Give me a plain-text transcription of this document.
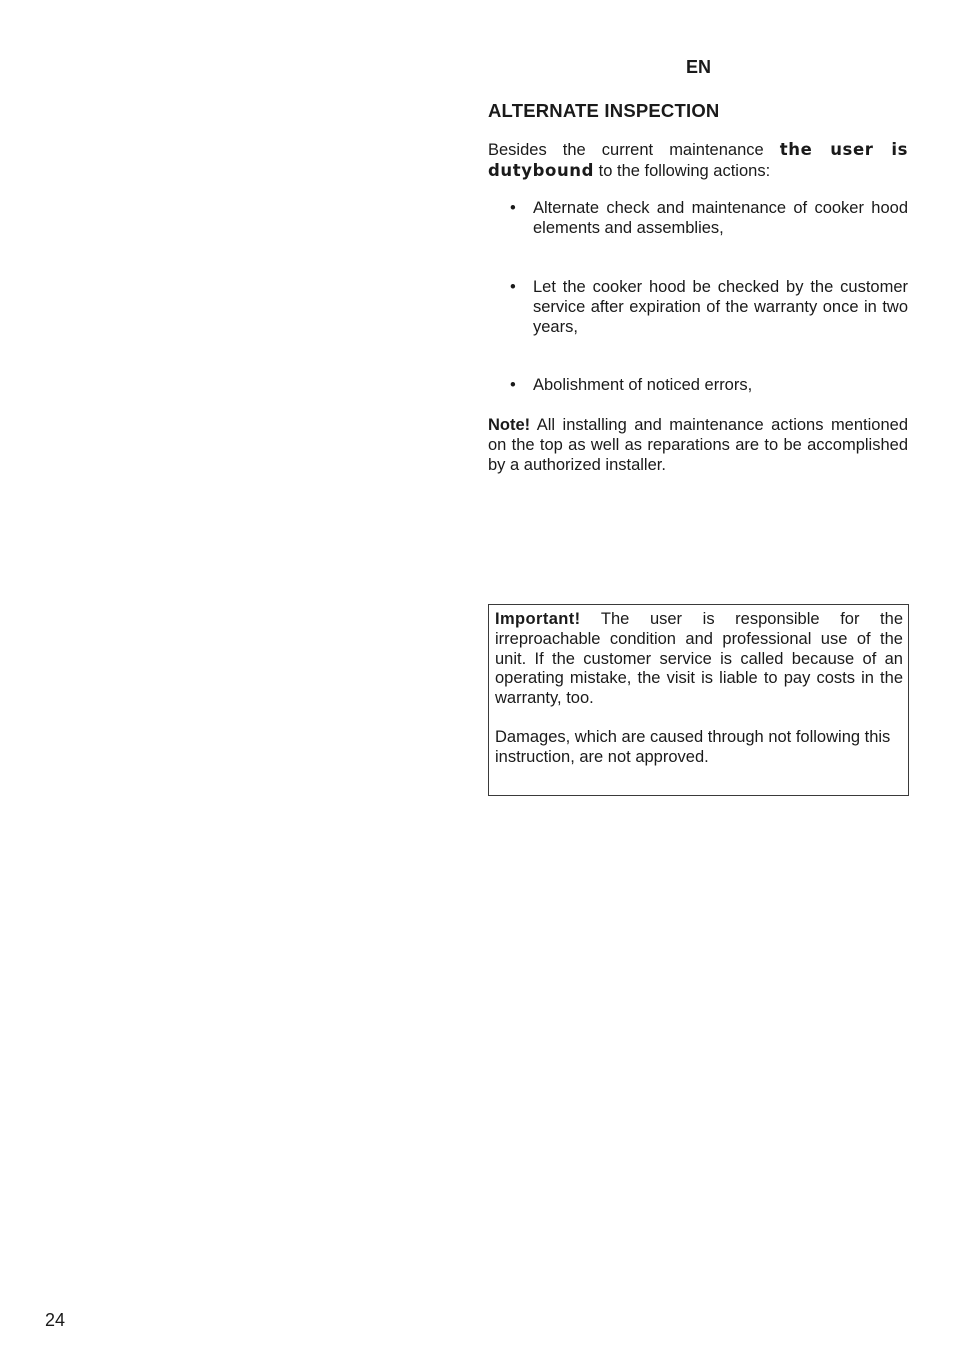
EN
ALTERNATE INSPECTION
Besides the current maintenance the user is dutybound to the following actions:
• Alternate check and maintenance of cooker hood elements and assemblies,
• Let the cooker hood be checked by the customer service after expiration of the warranty once in two years,
• Abolishment of noticed errors,
Note! All installing and maintenance actions mentioned on the top as well as reparations are to be accomplished by a authorized installer.
Important! The user is responsible for the irreproachable condition and professional use of the unit. If the customer service is called because of an operating mistake, the visit is liable to pay costs in the warranty, too.
Damages, which are caused through not following this instruction, are not approved.
24
